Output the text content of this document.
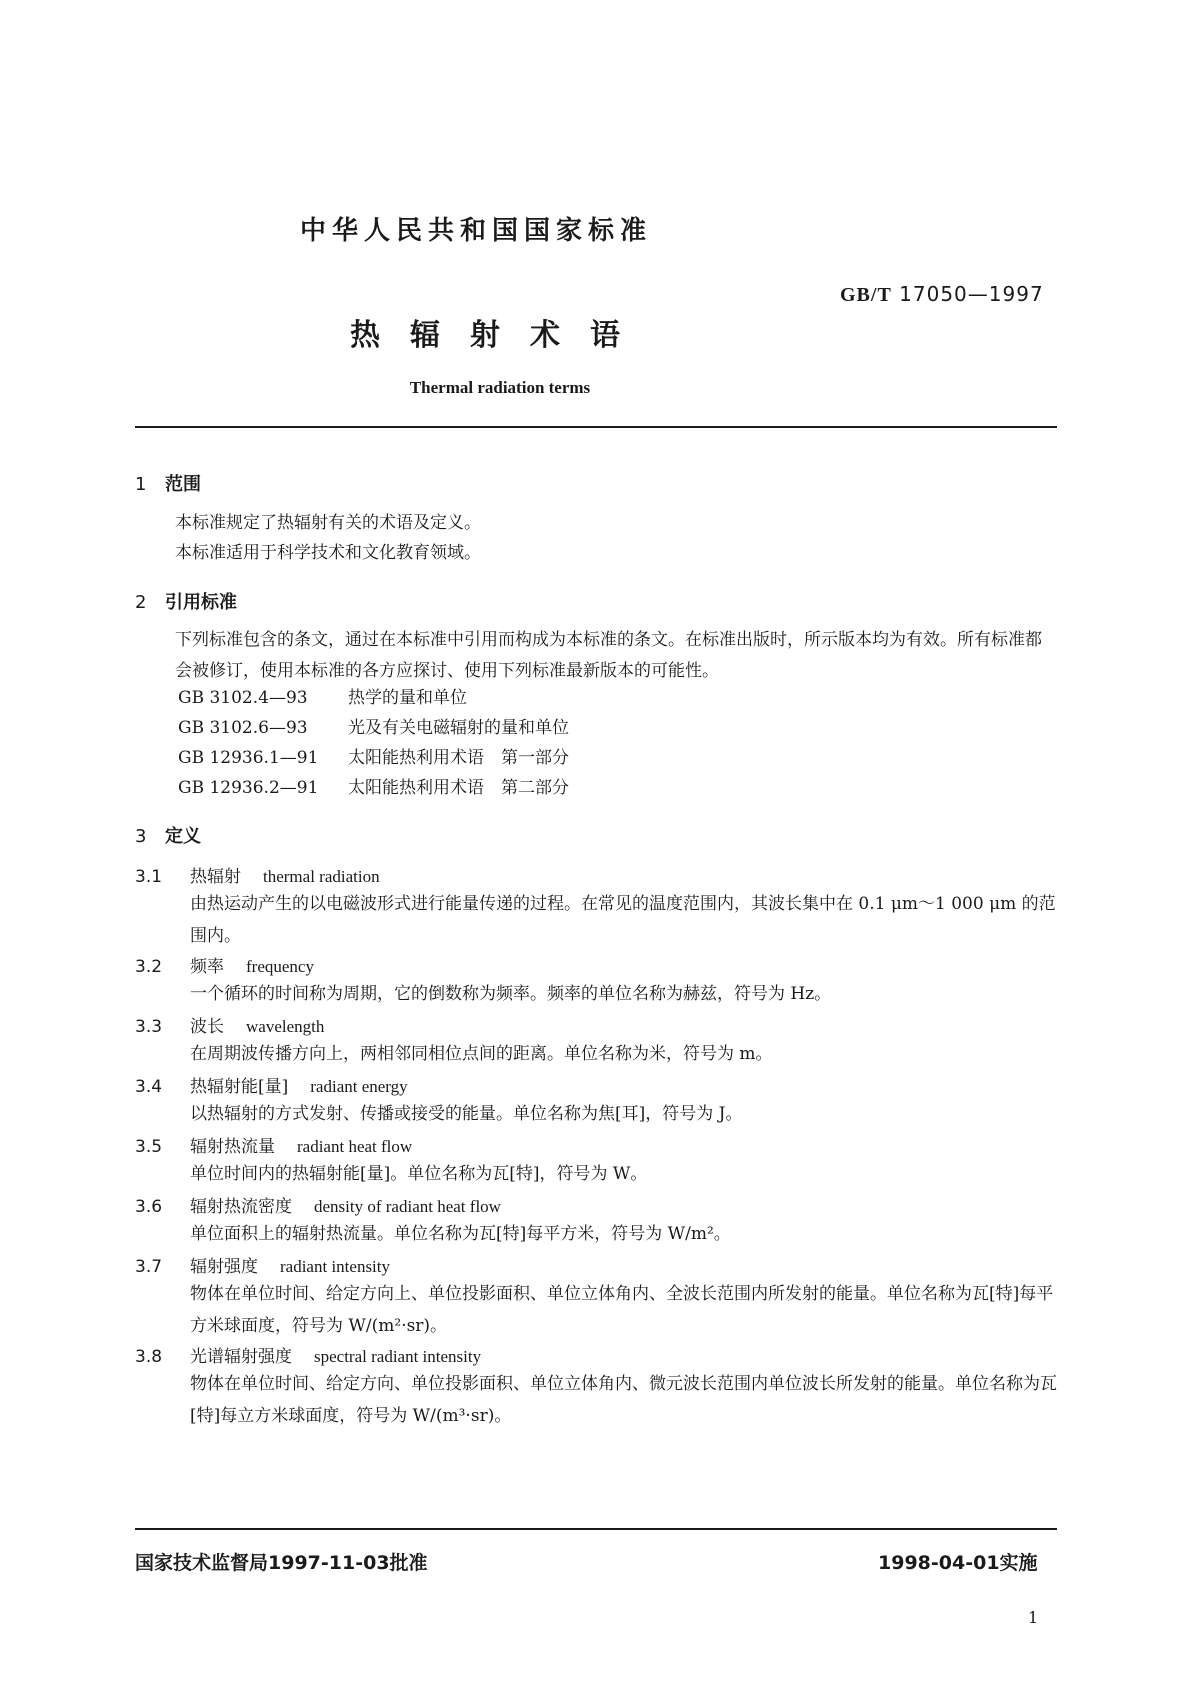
中华人民共和国国家标准
GB/T 17050—1997
热辐射术语
Thermal radiation terms
1 范围
本标准规定了热辐射有关的术语及定义。
本标准适用于科学技术和文化教育领域。
2 引用标准
下列标准包含的条文，通过在本标准中引用而构成为本标准的条文。在标准出版时，所示版本均为有效。所有标准都会被修订，使用本标准的各方应探讨、使用下列标准最新版本的可能性。
GB 3102.4—93 热学的量和单位
GB 3102.6—93 光及有关电磁辐射的量和单位
GB 12936.1—91 太阳能热利用术语　第一部分
GB 12936.2—91 太阳能热利用术语　第二部分
3 定义
3.1 热辐射 thermal radiation
由热运动产生的以电磁波形式进行能量传递的过程。在常见的温度范围内，其波长集中在 0.1 μm～1 000 μm 的范围内。
3.2 频率 frequency
一个循环的时间称为周期，它的倒数称为频率。频率的单位名称为赫兹，符号为 Hz。
3.3 波长 wavelength
在周期波传播方向上，两相邻同相位点间的距离。单位名称为米，符号为 m。
3.4 热辐射能[量] radiant energy
以热辐射的方式发射、传播或接受的能量。单位名称为焦[耳]，符号为 J。
3.5 辐射热流量 radiant heat flow
单位时间内的热辐射能[量]。单位名称为瓦[特]，符号为 W。
3.6 辐射热流密度 density of radiant heat flow
单位面积上的辐射热流量。单位名称为瓦[特]每平方米，符号为 W/m²。
3.7 辐射强度 radiant intensity
物体在单位时间、给定方向上、单位投影面积、单位立体角内、全波长范围内所发射的能量。单位名称为瓦[特]每平方米球面度，符号为 W/(m²·sr)。
3.8 光谱辐射强度 spectral radiant intensity
物体在单位时间、给定方向、单位投影面积、单位立体角内、微元波长范围内单位波长所发射的能量。单位名称为瓦[特]每立方米球面度，符号为 W/(m³·sr)。
国家技术监督局1997-11-03批准	1998-04-01实施
1
